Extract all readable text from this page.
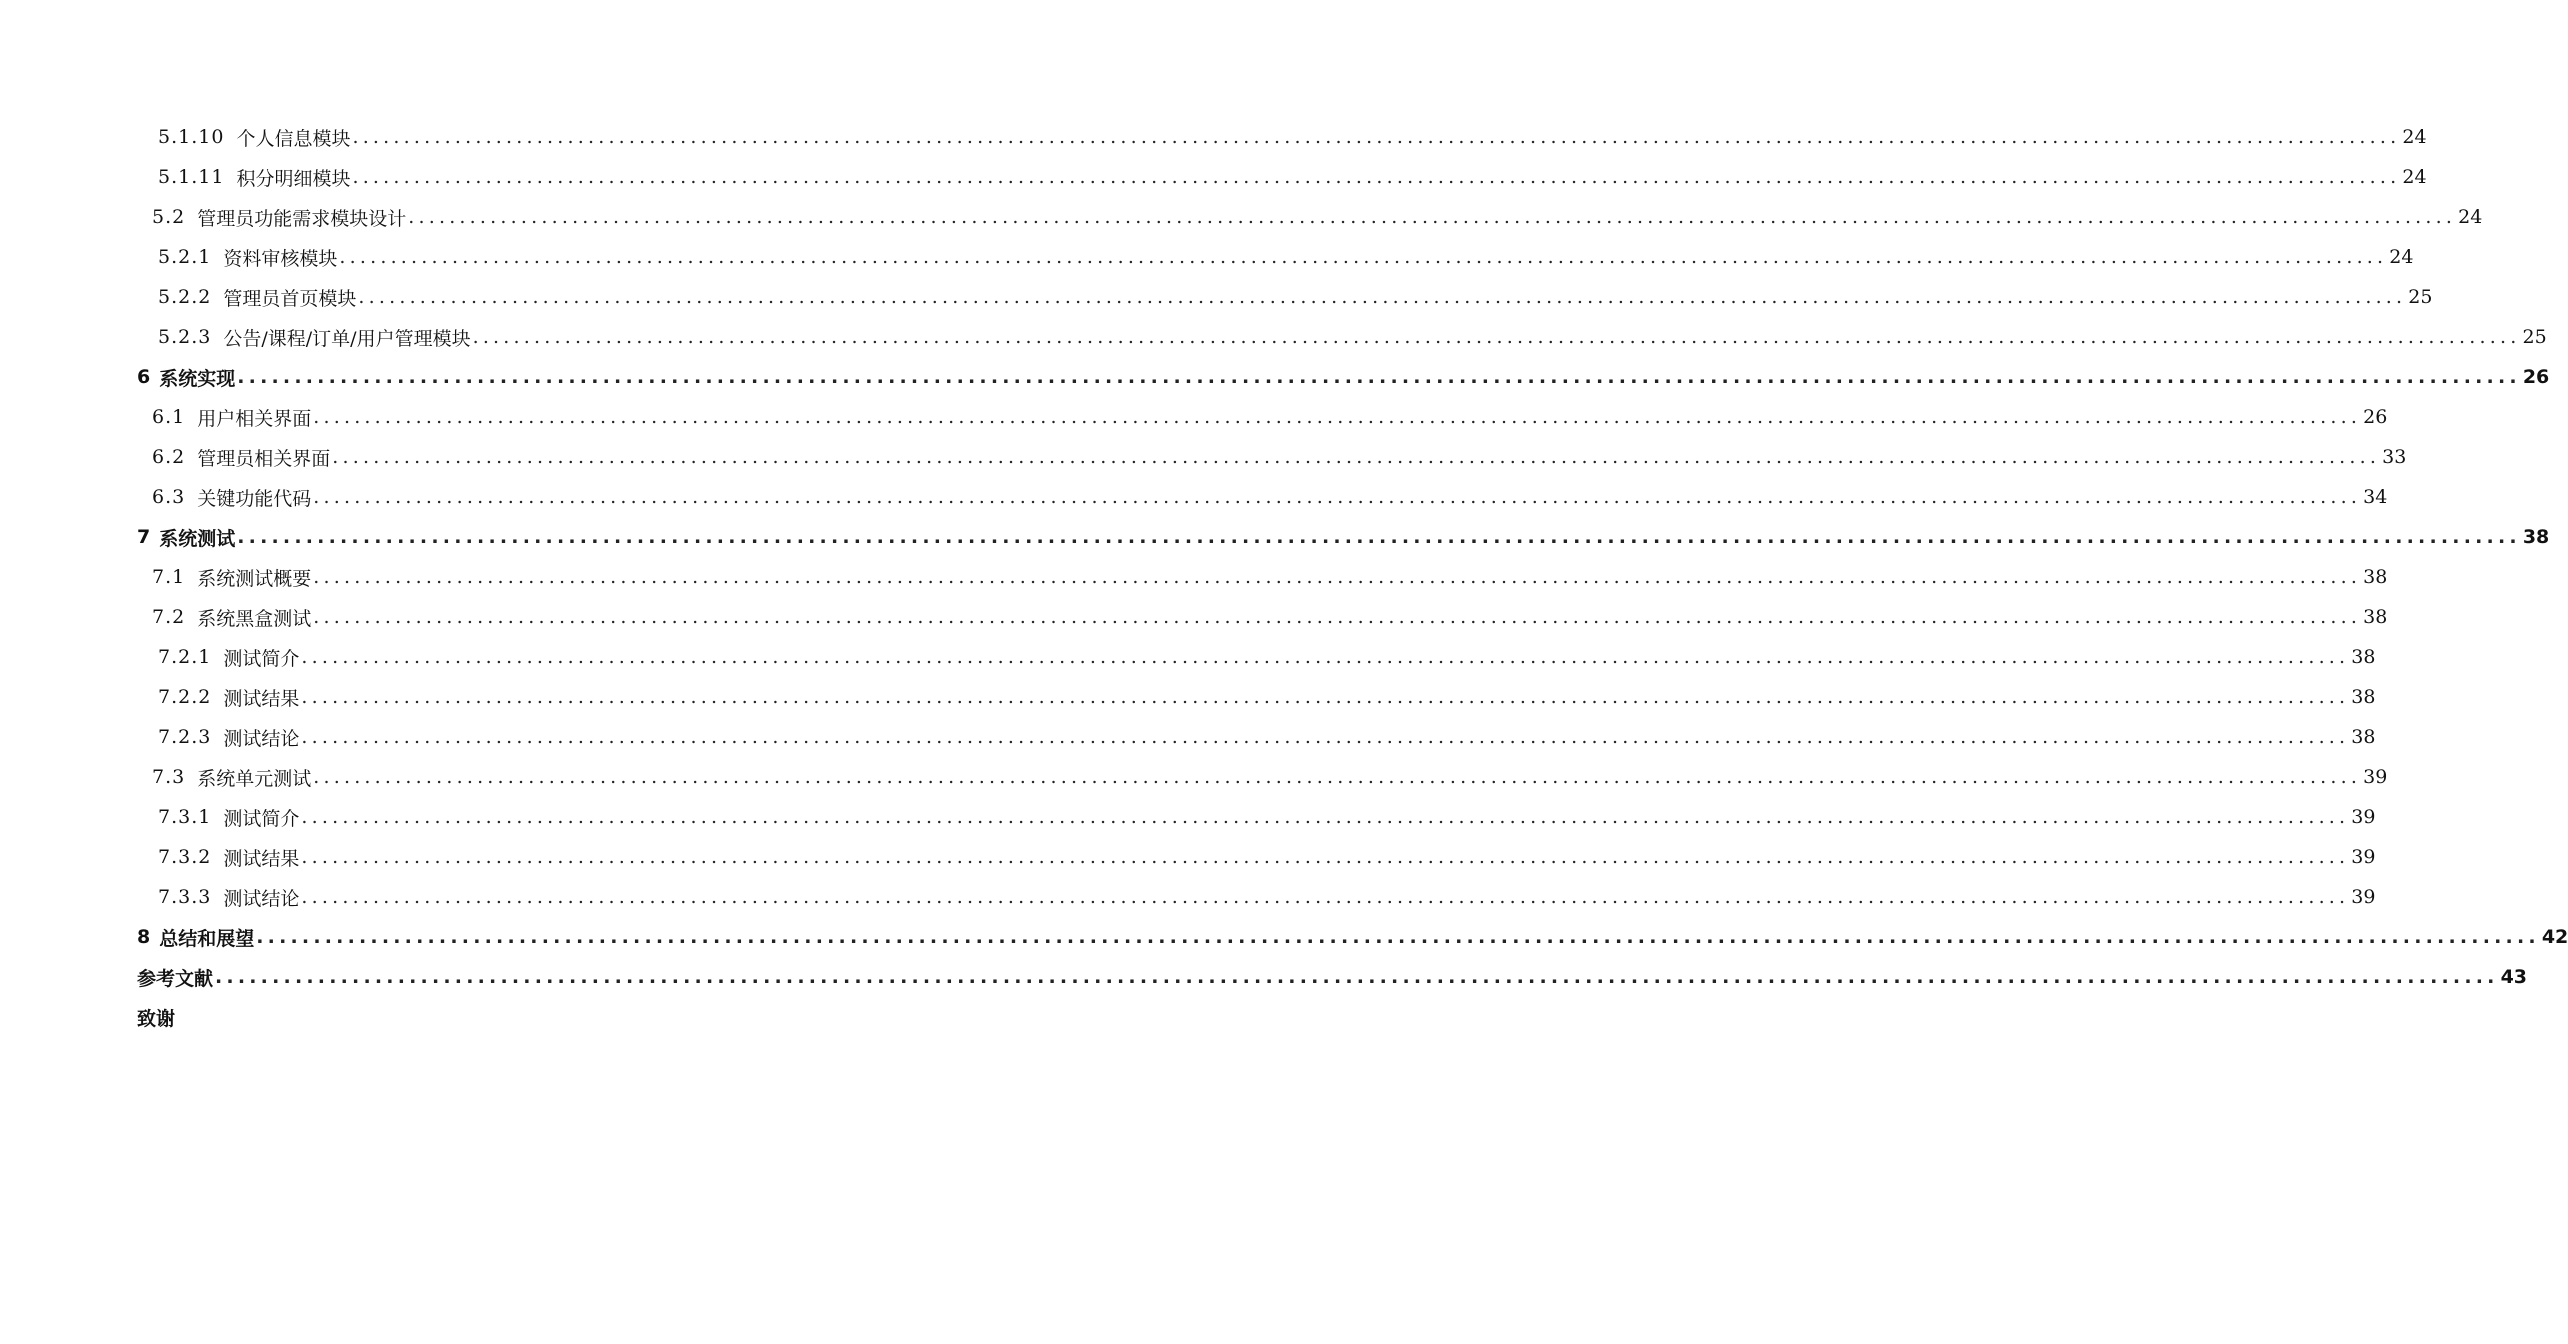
5.1.10 个人信息模块 ........................................................................................................................................................................................................ 24
5.1.11 积分明细模块 ........................................................................................................................................................................................................ 24
5.2 管理员功能需求模块设计 ........................................................................................................................................................................................................ 24
5.2.1 资料审核模块 ........................................................................................................................................................................................................ 24
5.2.2 管理员首页模块 ........................................................................................................................................................................................................ 25
5.2.3 公告/课程/订单/用户管理模块 ........................................................................................................................................................................................................ 25
6 系统实现 ........................................................................................................................................................................................................ 26
6.1 用户相关界面 ........................................................................................................................................................................................................ 26
6.2 管理员相关界面 ........................................................................................................................................................................................................ 33
6.3 关键功能代码 ........................................................................................................................................................................................................ 34
7 系统测试 ........................................................................................................................................................................................................ 38
7.1 系统测试概要 ........................................................................................................................................................................................................ 38
7.2 系统黑盒测试 ........................................................................................................................................................................................................ 38
7.2.1 测试简介 ........................................................................................................................................................................................................ 38
7.2.2 测试结果 ........................................................................................................................................................................................................ 38
7.2.3 测试结论 ........................................................................................................................................................................................................ 38
7.3 系统单元测试 ........................................................................................................................................................................................................ 39
7.3.1 测试简介 ........................................................................................................................................................................................................ 39
7.3.2 测试结果 ........................................................................................................................................................................................................ 39
7.3.3 测试结论 ........................................................................................................................................................................................................ 39
8 总结和展望 ........................................................................................................................................................................................................ 42
参考文献 ........................................................................................................................................................................................................ 43
致谢
